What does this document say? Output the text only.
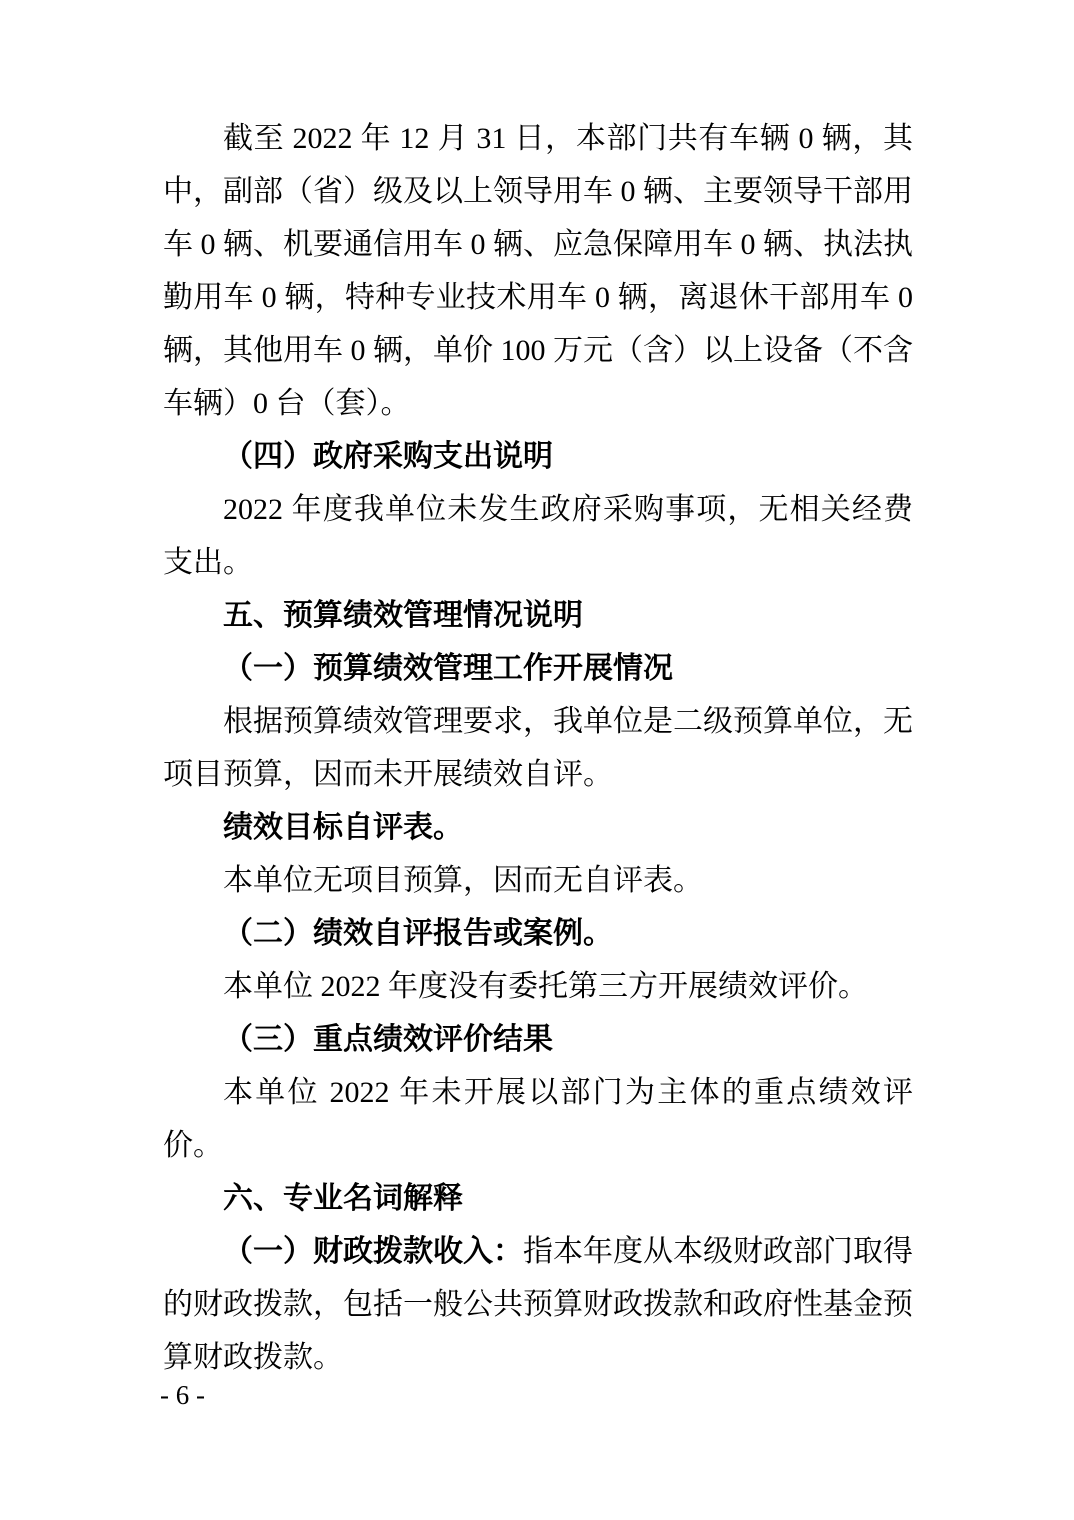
截至 2022 年 12 月 31 日，本部门共有车辆 0 辆，其中，副部（省）级及以上领导用车 0 辆、主要领导干部用车 0 辆、机要通信用车 0 辆、应急保障用车 0 辆、执法执勤用车 0 辆，特种专业技术用车 0 辆，离退休干部用车 0 辆，其他用车 0 辆，单价 100 万元（含）以上设备（不含车辆）0 台（套）。

（四）政府采购支出说明

2022 年度我单位未发生政府采购事项，无相关经费支出。

五、预算绩效管理情况说明

（一）预算绩效管理工作开展情况

根据预算绩效管理要求，我单位是二级预算单位，无项目预算，因而未开展绩效自评。

绩效目标自评表。

本单位无项目预算，因而无自评表。

（二）绩效自评报告或案例。

本单位 2022 年度没有委托第三方开展绩效评价。

（三）重点绩效评价结果

本单位 2022 年未开展以部门为主体的重点绩效评价。

六、专业名词解释

（一）财政拨款收入：指本年度从本级财政部门取得的财政拨款，包括一般公共预算财政拨款和政府性基金预算财政拨款。

- 6 -
